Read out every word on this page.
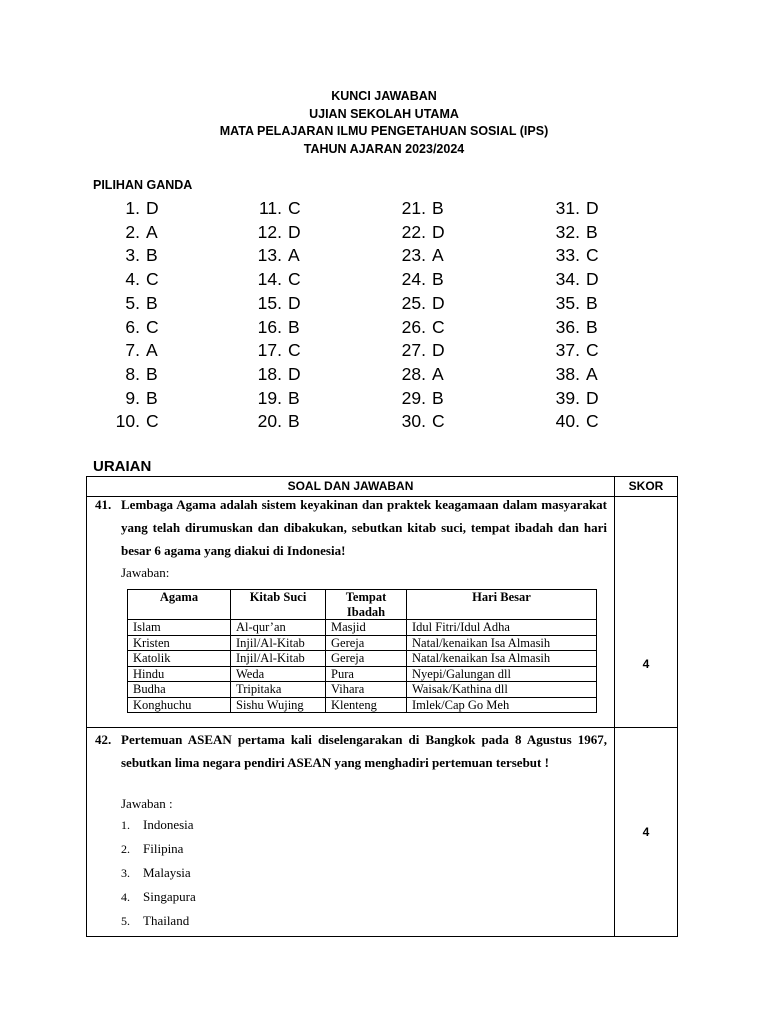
KUNCI JAWABAN
UJIAN SEKOLAH UTAMA
MATA PELAJARAN ILMU PENGETAHUAN SOSIAL (IPS)
TAHUN AJARAN 2023/2024
PILIHAN GANDA
1. D
2. A
3. B
4. C
5. B
6. C
7. A
8. B
9. B
10. C
11. C
12. D
13. A
14. C
15. D
16. B
17. C
18. D
19. B
20. B
21. B
22. D
23. A
24. B
25. D
26. C
27. D
28. A
29. B
30. C
31. D
32. B
33. C
34. D
35. B
36. B
37. C
38. A
39. D
40. C
URAIAN
SOAL DAN JAWABAN	SKOR
41. Lembaga Agama adalah sistem keyakinan dan praktek keagamaan dalam masyarakat yang telah dirumuskan dan dibakukan, sebutkan kitab suci, tempat ibadah dan hari besar 6 agama yang diakui di Indonesia!
Jawaban:
Agama	Kitab Suci	Tempat Ibadah	Hari Besar
Islam	Al-qur’an	Masjid	Idul Fitri/Idul Adha
Kristen	Injil/Al-Kitab	Gereja	Natal/kenaikan Isa Almasih
Katolik	Injil/Al-Kitab	Gereja	Natal/kenaikan Isa Almasih
Hindu	Weda	Pura	Nyepi/Galungan dll
Budha	Tripitaka	Vihara	Waisak/Kathina dll
Konghuchu	Sishu Wujing	Klenteng	Imlek/Cap Go Meh
4
42. Pertemuan ASEAN pertama kali diselengarakan di Bangkok pada 8 Agustus 1967, sebutkan lima negara pendiri ASEAN yang menghadiri pertemuan tersebut !
Jawaban :
1. Indonesia
2. Filipina
3. Malaysia
4. Singapura
5. Thailand
4
